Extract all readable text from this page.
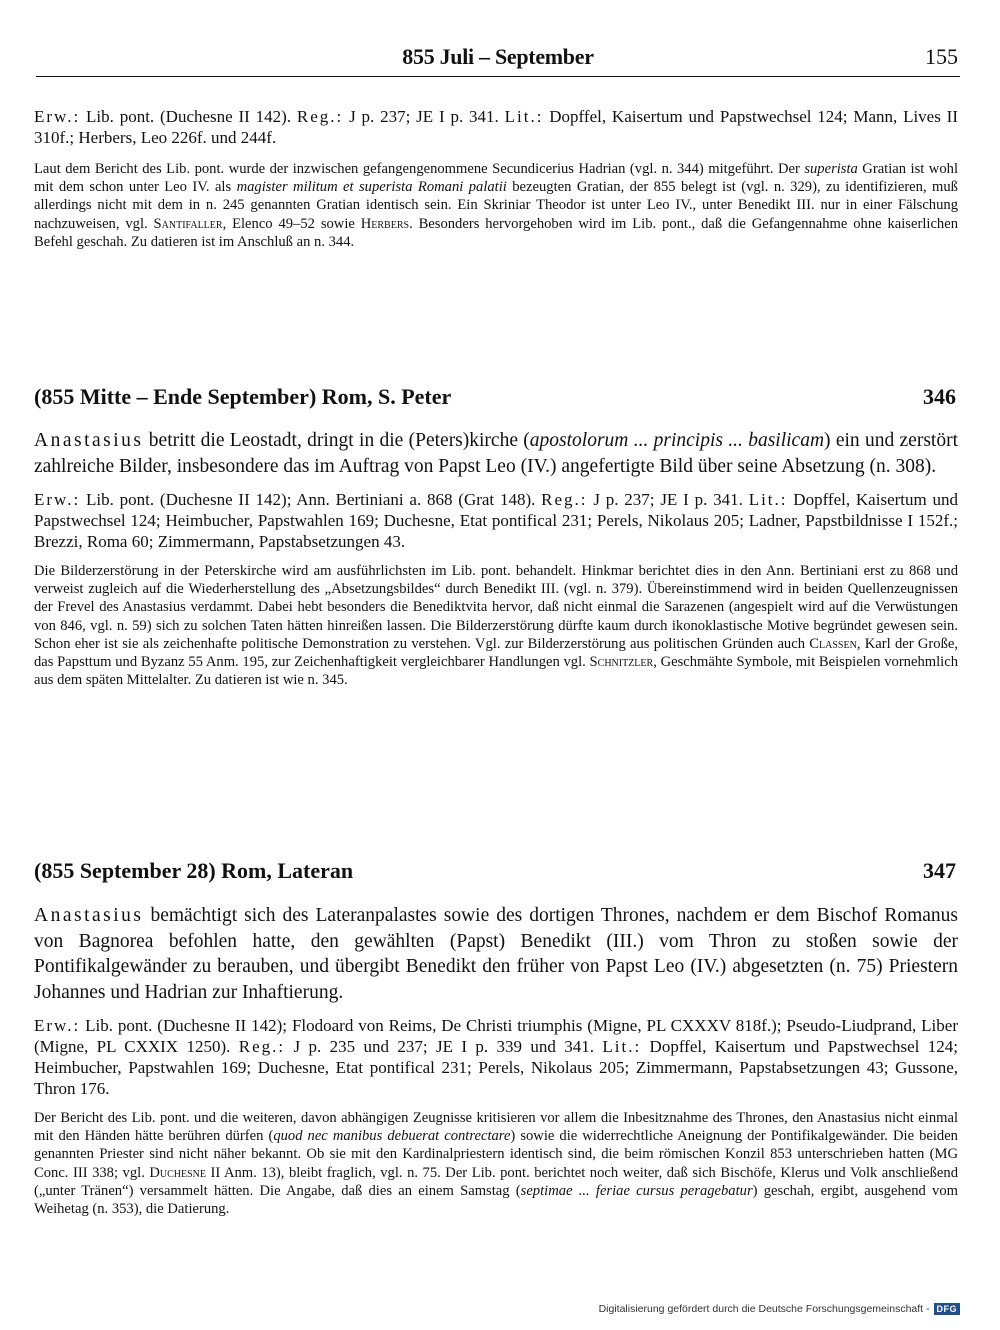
855 Juli – September	155

Erw.: Lib. pont. (Duchesne II 142). Reg.: J p. 237; JE I p. 341. Lit.: Dopffel, Kaisertum und Papstwechsel 124; Mann, Lives II 310f.; Herbers, Leo 226f. und 244f.

Laut dem Bericht des Lib. pont. wurde der inzwischen gefangengenommene Secundicerius Hadrian (vgl. n. 344) mitgeführt. Der superista Gratian ist wohl mit dem schon unter Leo IV. als magister militum et superista Romani palatii bezeugten Gratian, der 855 belegt ist (vgl. n. 329), zu identifizieren, muß allerdings nicht mit dem in n. 245 genannten Gratian identisch sein. Ein Skriniar Theodor ist unter Leo IV., unter Benedikt III. nur in einer Fälschung nachzuweisen, vgl. Santifaller, Elenco 49–52 sowie Herbers. Besonders hervorgehoben wird im Lib. pont., daß die Gefangennahme ohne kaiserlichen Befehl geschah. Zu datieren ist im Anschluß an n. 344.

(855 Mitte – Ende September) Rom, S. Peter	346

Anastasius betritt die Leostadt, dringt in die (Peters)kirche (apostolorum ... principis ... basilicam) ein und zerstört zahlreiche Bilder, insbesondere das im Auftrag von Papst Leo (IV.) angefertigte Bild über seine Absetzung (n. 308).

Erw.: Lib. pont. (Duchesne II 142); Ann. Bertiniani a. 868 (Grat 148). Reg.: J p. 237; JE I p. 341. Lit.: Dopffel, Kaisertum und Papstwechsel 124; Heimbucher, Papstwahlen 169; Duchesne, Etat pontifical 231; Perels, Nikolaus 205; Ladner, Papstbildnisse I 152f.; Brezzi, Roma 60; Zimmermann, Papstabsetzungen 43.

Die Bilderzerstörung in der Peterskirche wird am ausführlichsten im Lib. pont. behandelt. Hinkmar berichtet dies in den Ann. Bertiniani erst zu 868 und verweist zugleich auf die Wiederherstellung des „Absetzungsbildes“ durch Benedikt III. (vgl. n. 379). Übereinstimmend wird in beiden Quellenzeugnissen der Frevel des Anastasius verdammt. Dabei hebt besonders die Benediktvita hervor, daß nicht einmal die Sarazenen (angespielt wird auf die Verwüstungen von 846, vgl. n. 59) sich zu solchen Taten hätten hinreißen lassen. Die Bilderzerstörung dürfte kaum durch ikonoklastische Motive begründet gewesen sein. Schon eher ist sie als zeichenhafte politische Demonstration zu verstehen. Vgl. zur Bilderzerstörung aus politischen Gründen auch Classen, Karl der Große, das Papsttum und Byzanz 55 Anm. 195, zur Zeichenhaftigkeit vergleichbarer Handlungen vgl. Schnitzler, Geschmähte Symbole, mit Beispielen vornehmlich aus dem späten Mittelalter. Zu datieren ist wie n. 345.

(855 September 28) Rom, Lateran	347

Anastasius bemächtigt sich des Lateranpalastes sowie des dortigen Thrones, nachdem er dem Bischof Romanus von Bagnorea befohlen hatte, den gewählten (Papst) Benedikt (III.) vom Thron zu stoßen sowie der Pontifikalgewänder zu berauben, und übergibt Benedikt den früher von Papst Leo (IV.) abgesetzten (n. 75) Priestern Johannes und Hadrian zur Inhaftierung.

Erw.: Lib. pont. (Duchesne II 142); Flodoard von Reims, De Christi triumphis (Migne, PL CXXXV 818f.); Pseudo-Liudprand, Liber (Migne, PL CXXIX 1250). Reg.: J p. 235 und 237; JE I p. 339 und 341. Lit.: Dopffel, Kaisertum und Papstwechsel 124; Heimbucher, Papstwahlen 169; Duchesne, Etat pontifical 231; Perels, Nikolaus 205; Zimmermann, Papstabsetzungen 43; Gussone, Thron 176.

Der Bericht des Lib. pont. und die weiteren, davon abhängigen Zeugnisse kritisieren vor allem die Inbesitznahme des Thrones, den Anastasius nicht einmal mit den Händen hätte berühren dürfen (quod nec manibus debuerat contrectare) sowie die widerrechtliche Aneignung der Pontifikalgewänder. Die beiden genannten Priester sind nicht näher bekannt. Ob sie mit den Kardinalpriestern identisch sind, die beim römischen Konzil 853 unterschrieben hatten (MG Conc. III 338; vgl. Duchesne II Anm. 13), bleibt fraglich, vgl. n. 75. Der Lib. pont. berichtet noch weiter, daß sich Bischöfe, Klerus und Volk anschließend („unter Tränen“) versammelt hätten. Die Angabe, daß dies an einem Samstag (septimae ... feriae cursus peragebatur) geschah, ergibt, ausgehend vom Weihetag (n. 353), die Datierung.

Digitalisierung gefördert durch die Deutsche Forschungsgemeinschaft - DFG
